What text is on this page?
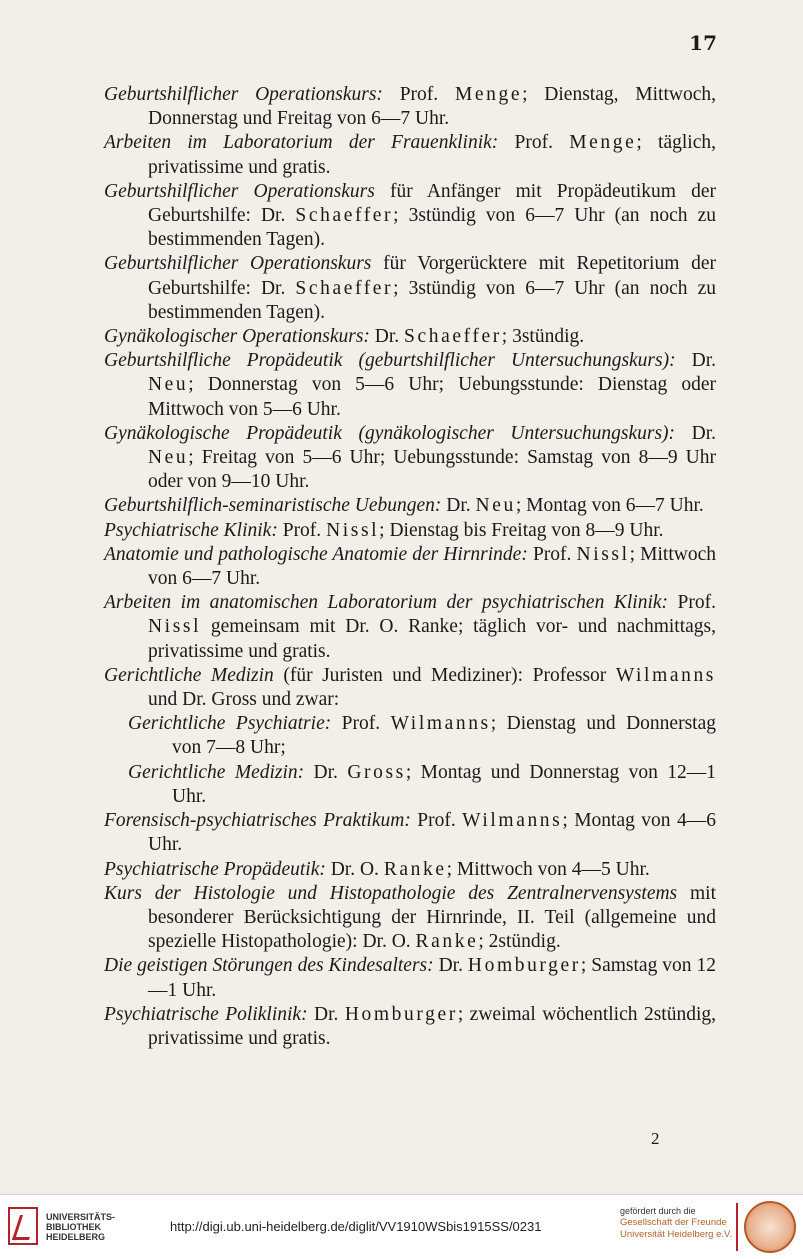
17

Geburtshilflicher Operationskurs: Prof. Menge; Dienstag, Mittwoch, Donnerstag und Freitag von 6—7 Uhr.

Arbeiten im Laboratorium der Frauenklinik: Prof. Menge; täglich, privatissime und gratis.

Geburtshilflicher Operationskurs für Anfänger mit Propädeutikum der Geburtshilfe: Dr. Schaeffer; 3stündig von 6—7 Uhr (an noch zu bestimmenden Tagen).

Geburtshilflicher Operationskurs für Vorgerücktere mit Repetitorium der Geburtshilfe: Dr. Schaeffer; 3stündig von 6—7 Uhr (an noch zu bestimmenden Tagen).

Gynäkologischer Operationskurs: Dr. Schaeffer; 3stündig.

Geburtshilfliche Propädeutik (geburtshilflicher Untersuchungskurs): Dr. Neu; Donnerstag von 5—6 Uhr; Uebungsstunde: Dienstag oder Mittwoch von 5—6 Uhr.

Gynäkologische Propädeutik (gynäkologischer Untersuchungskurs): Dr. Neu; Freitag von 5—6 Uhr; Uebungsstunde: Samstag von 8—9 Uhr oder von 9—10 Uhr.

Geburtshilflich-seminaristische Uebungen: Dr. Neu; Montag von 6—7 Uhr.

Psychiatrische Klinik: Prof. Nissl; Dienstag bis Freitag von 8—9 Uhr.

Anatomie und pathologische Anatomie der Hirnrinde: Prof. Nissl; Mittwoch von 6—7 Uhr.

Arbeiten im anatomischen Laboratorium der psychiatrischen Klinik: Prof. Nissl gemeinsam mit Dr. O. Ranke; täglich vor- und nachmittags, privatissime und gratis.

Gerichtliche Medizin (für Juristen und Mediziner): Professor Wilmanns und Dr. Gross und zwar:

Gerichtliche Psychiatrie: Prof. Wilmanns; Dienstag und Donnerstag von 7—8 Uhr;

Gerichtliche Medizin: Dr. Gross; Montag und Donnerstag von 12—1 Uhr.

Forensisch-psychiatrisches Praktikum: Prof. Wilmanns; Montag von 4—6 Uhr.

Psychiatrische Propädeutik: Dr. O. Ranke; Mittwoch von 4—5 Uhr.

Kurs der Histologie und Histopathologie des Zentralnervensystems mit besonderer Berücksichtigung der Hirnrinde, II. Teil (allgemeine und spezielle Histopathologie): Dr. O. Ranke; 2stündig.

Die geistigen Störungen des Kindesalters: Dr. Homburger; Samstag von 12—1 Uhr.

Psychiatrische Poliklinik: Dr. Homburger; zweimal wöchentlich 2stündig, privatissime und gratis.

2
UNIVERSITÄTS-
BIBLIOTHEK
HEIDELBERG
http://digi.ub.uni-heidelberg.de/diglit/VV1910WSbis1915SS/0231
gefördert durch die
Gesellschaft der Freunde
Universität Heidelberg e.V.
